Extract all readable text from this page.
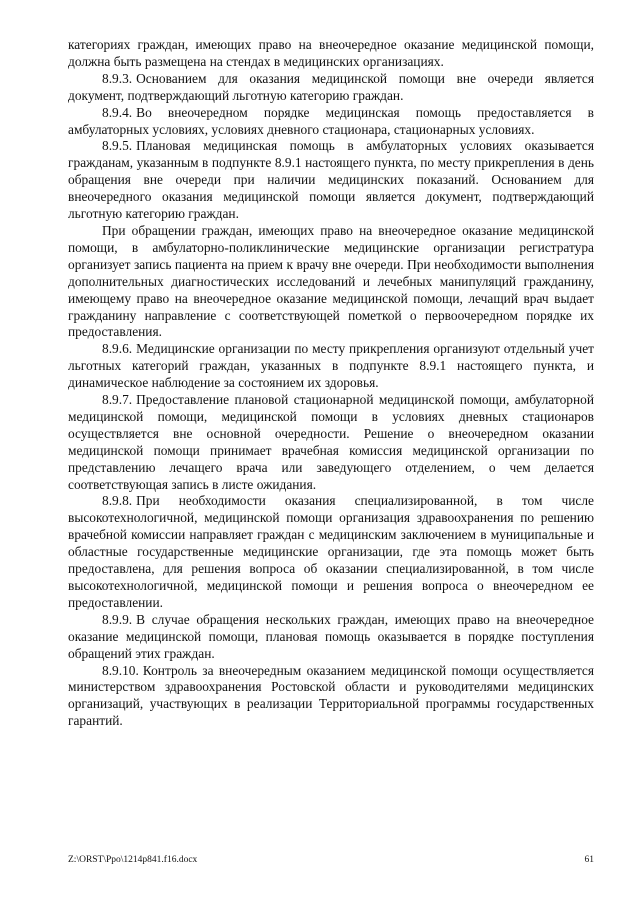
категориях граждан, имеющих право на внеочередное оказание медицинской помощи, должна быть размещена на стендах в медицинских организациях.

8.9.3. Основанием для оказания медицинской помощи вне очереди является документ, подтверждающий льготную категорию граждан.

8.9.4. Во внеочередном порядке медицинская помощь предоставляется в амбулаторных условиях, условиях дневного стационара, стационарных условиях.

8.9.5. Плановая медицинская помощь в амбулаторных условиях оказывается гражданам, указанным в подпункте 8.9.1 настоящего пункта, по месту прикрепления в день обращения вне очереди при наличии медицинских показаний. Основанием для внеочередного оказания медицинской помощи является документ, подтверждающий льготную категорию граждан.

При обращении граждан, имеющих право на внеочередное оказание медицинской помощи, в амбулаторно-поликлинические медицинские организации регистратура организует запись пациента на прием к врачу вне очереди. При необходимости выполнения дополнительных диагностических исследований и лечебных манипуляций гражданину, имеющему право на внеочередное оказание медицинской помощи, лечащий врач выдает гражданину направление с соответствующей пометкой о первоочередном порядке их предоставления.

8.9.6. Медицинские организации по месту прикрепления организуют отдельный учет льготных категорий граждан, указанных в подпункте 8.9.1 настоящего пункта, и динамическое наблюдение за состоянием их здоровья.

8.9.7. Предоставление плановой стационарной медицинской помощи, амбулаторной медицинской помощи, медицинской помощи в условиях дневных стационаров осуществляется вне основной очередности. Решение о внеочередном оказании медицинской помощи принимает врачебная комиссия медицинской организации по представлению лечащего врача или заведующего отделением, о чем делается соответствующая запись в листе ожидания.

8.9.8. При необходимости оказания специализированной, в том числе высокотехнологичной, медицинской помощи организация здравоохранения по решению врачебной комиссии направляет граждан с медицинским заключением в муниципальные и областные государственные медицинские организации, где эта помощь может быть предоставлена, для решения вопроса об оказании специализированной, в том числе высокотехнологичной, медицинской помощи и решения вопроса о внеочередном ее предоставлении.

8.9.9. В случае обращения нескольких граждан, имеющих право на внеочередное оказание медицинской помощи, плановая помощь оказывается в порядке поступления обращений этих граждан.

8.9.10. Контроль за внеочередным оказанием медицинской помощи осуществляется министерством здравоохранения Ростовской области и руководителями медицинских организаций, участвующих в реализации Территориальной программы государственных гарантий.

Z:\ORST\Ppo\1214p841.f16.docx	61
